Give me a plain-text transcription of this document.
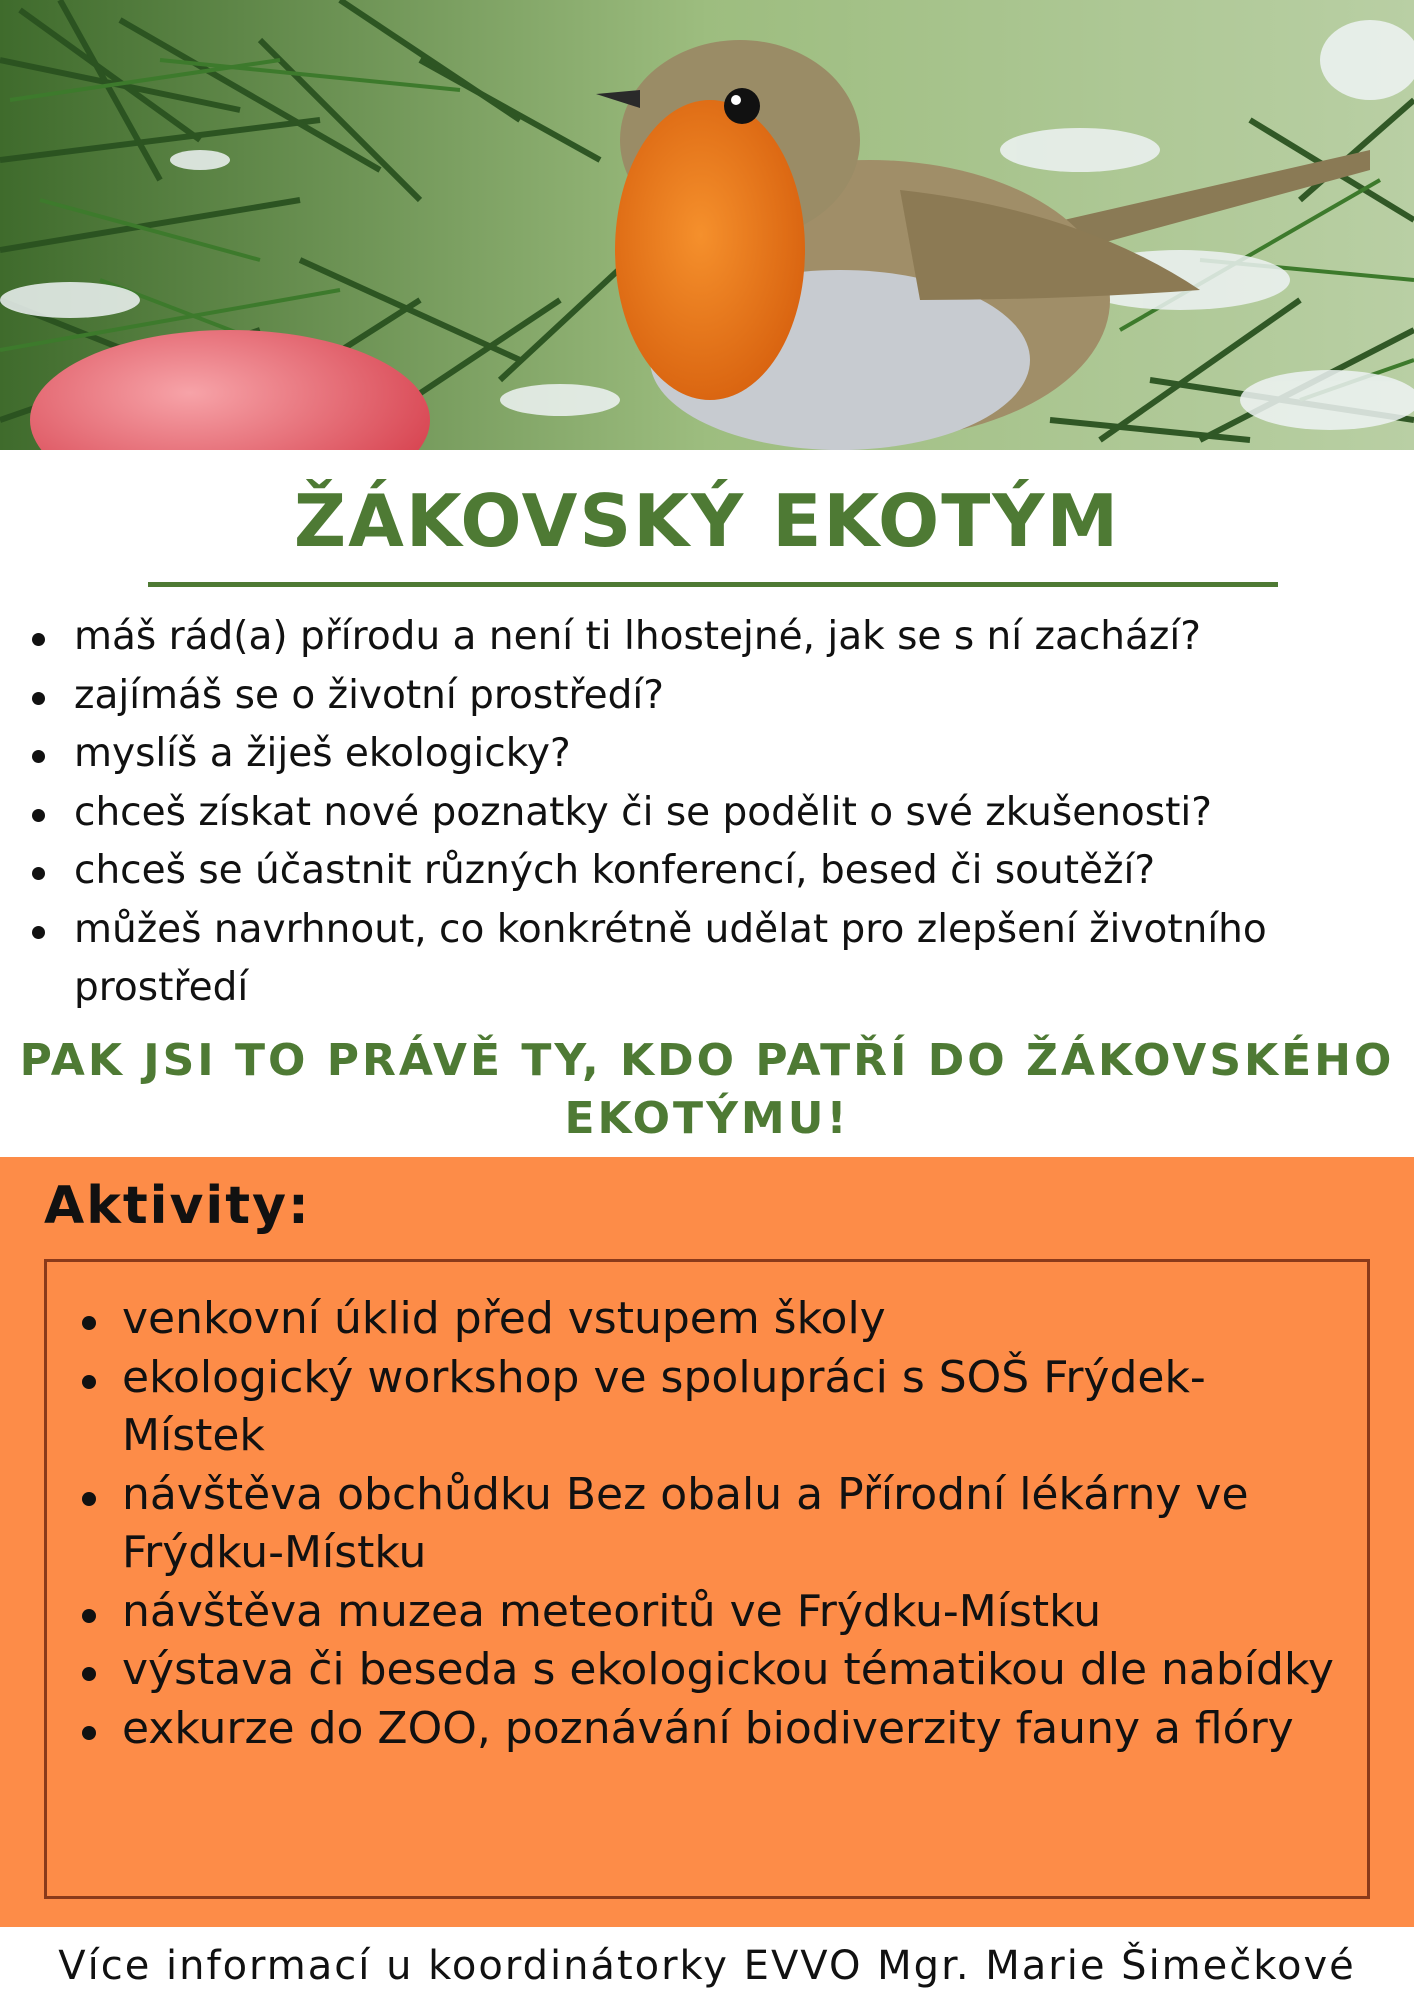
ŽÁKOVSKÝ EKOTÝM
máš rád(a) přírodu a není ti lhostejné, jak se s ní zachází?
zajímáš se o životní prostředí?
myslíš a žiješ ekologicky?
chceš získat nové poznatky či se podělit o své zkušenosti?
chceš se účastnit různých konferencí, besed či soutěží?
můžeš navrhnout, co konkrétně udělat pro zlepšení životního prostředí
PAK JSI TO PRÁVĚ TY, KDO PATŘÍ DO ŽÁKOVSKÉHO EKOTÝMU!
Aktivity:
venkovní úklid před vstupem školy
ekologický workshop ve spolupráci s SOŠ Frýdek-Místek
návštěva obchůdku Bez obalu a Přírodní lékárny ve Frýdku-Místku
návštěva muzea meteoritů ve Frýdku-Místku
výstava či beseda s ekologickou tématikou dle nabídky
exkurze do ZOO, poznávání biodiverzity fauny a flóry
Více informací u koordinátorky EVVO Mgr. Marie Šimečkové
